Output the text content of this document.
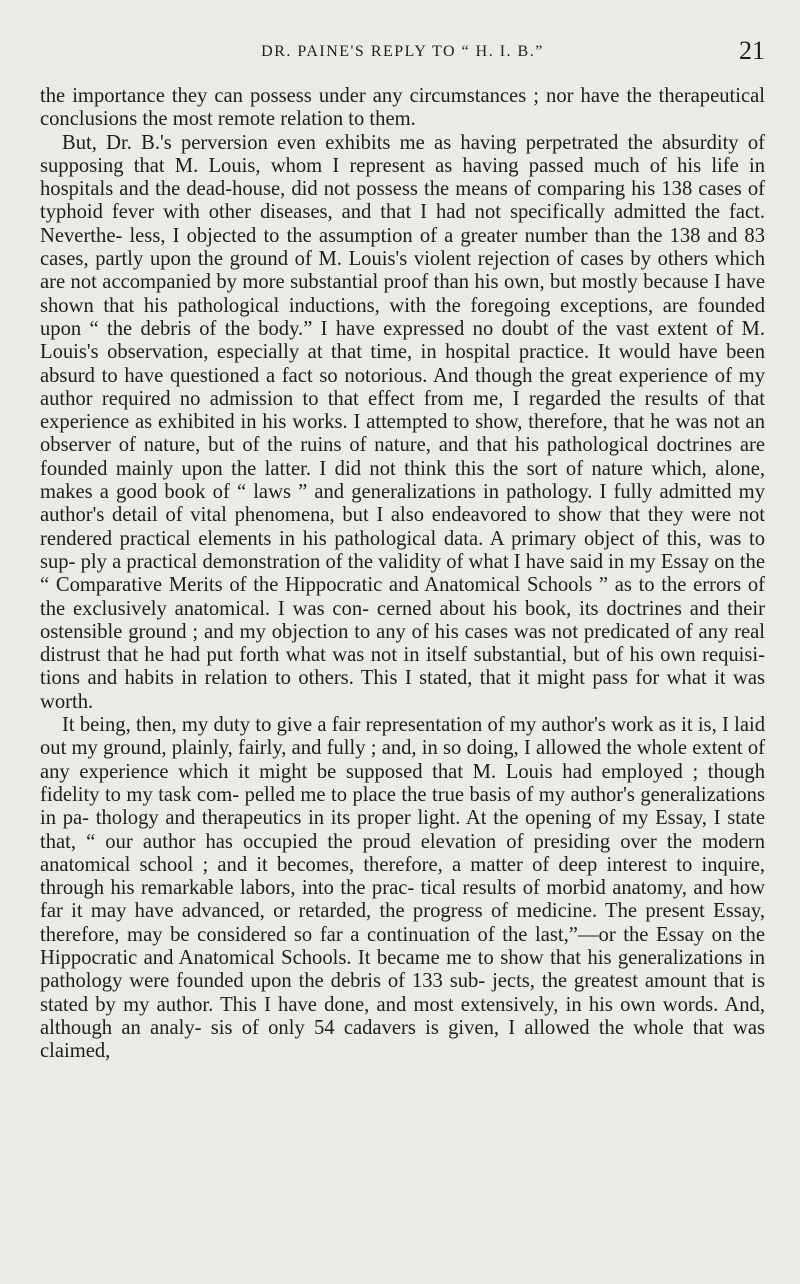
DR. PAINE'S REPLY TO “ H. I. B.”	21

the importance they can possess under any circumstances ; nor have the therapeutical conclusions the most remote relation to them.

But, Dr. B.'s perversion even exhibits me as having perpetrated the absurdity of supposing that M. Louis, whom I represent as having passed much of his life in hospitals and the dead-house, did not possess the means of comparing his 138 cases of typhoid fever with other diseases, and that I had not specifically admitted the fact. Neverthe- less, I objected to the assumption of a greater number than the 138 and 83 cases, partly upon the ground of M. Louis's violent rejection of cases by others which are not accompanied by more substantial proof than his own, but mostly because I have shown that his pathological inductions, with the foregoing exceptions, are founded upon “ the debris of the body.” I have expressed no doubt of the vast extent of M. Louis's observation, especially at that time, in hospital practice. It would have been absurd to have questioned a fact so notorious. And though the great experience of my author required no admission to that effect from me, I regarded the results of that experience as exhibited in his works. I attempted to show, therefore, that he was not an observer of nature, but of the ruins of nature, and that his pathological doctrines are founded mainly upon the latter. I did not think this the sort of nature which, alone, makes a good book of “ laws ” and generalizations in pathology. I fully admitted my author's detail of vital phenomena, but I also endeavored to show that they were not rendered practical elements in his pathological data. A primary object of this, was to sup- ply a practical demonstration of the validity of what I have said in my Essay on the “ Comparative Merits of the Hippocratic and Anatomical Schools ” as to the errors of the exclusively anatomical. I was con- cerned about his book, its doctrines and their ostensible ground ; and my objection to any of his cases was not predicated of any real distrust that he had put forth what was not in itself substantial, but of his own requisi- tions and habits in relation to others. This I stated, that it might pass for what it was worth.

It being, then, my duty to give a fair representation of my author's work as it is, I laid out my ground, plainly, fairly, and fully ; and, in so doing, I allowed the whole extent of any experience which it might be supposed that M. Louis had employed ; though fidelity to my task com- pelled me to place the true basis of my author's generalizations in pa- thology and therapeutics in its proper light. At the opening of my Essay, I state that, “ our author has occupied the proud elevation of presiding over the modern anatomical school ; and it becomes, therefore, a matter of deep interest to inquire, through his remarkable labors, into the prac- tical results of morbid anatomy, and how far it may have advanced, or retarded, the progress of medicine. The present Essay, therefore, may be considered so far a continuation of the last,”—or the Essay on the Hippocratic and Anatomical Schools. It became me to show that his generalizations in pathology were founded upon the debris of 133 sub- jects, the greatest amount that is stated by my author. This I have done, and most extensively, in his own words. And, although an analy- sis of only 54 cadavers is given, I allowed the whole that was claimed,
